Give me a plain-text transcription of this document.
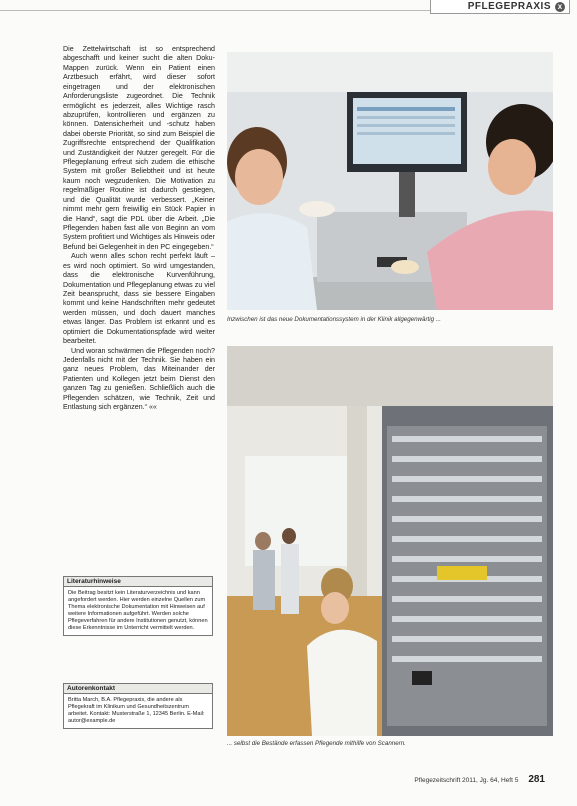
PFLEGEPRAXIS x

Die Zettelwirtschaft ist so entsprechend abgeschafft und keiner sucht die alten Doku-Mappen zurück. Wenn ein Patient einen Arztbesuch erfährt, wird dieser sofort eingetragen und der elektronischen Anforderungsliste zugeordnet. Die Technik ermöglicht es jederzeit, alles Wichtige rasch abzuprüfen, kontrollieren und ergänzen zu können. Datensicherheit und -schutz haben dabei oberste Priorität, so sind zum Beispiel die Zugriffsrechte entsprechend der Qualifikation und Zuständigkeit der Nutzer geregelt. Für die Pflegeplanung erfreut sich zudem die ethische System mit großer Beliebtheit und ist heute kaum noch wegzudenken. Die Motivation zu regelmäßiger Routine ist dadurch gestiegen, und die Qualität wurde verbessert. „Keiner nimmt mehr gern freiwillig ein Stück Papier in die Hand“, sagt die PDL über die Arbeit. „Die Pflegenden haben fast alle von Beginn an vom System profitiert und Wichtiges als Hinweis oder Befund bei Gelegenheit in den PC eingegeben.“

Auch wenn alles schon recht perfekt läuft – es wird noch optimiert. So wird umgestanden, dass die elektronische Kurvenführung, Dokumentation und Pflegeplanung etwas zu viel Zeit beansprucht, dass sie bessere Eingaben kommt und keine Handschriften mehr gedeutet werden müssen, und doch dauert manches etwas länger. Das Problem ist erkannt und es optimiert die Dokumentationspfade wird weiter bearbeitet.

Und woran schwärmen die Pflegenden noch? Jedenfalls nicht mit der Technik. Sie haben ein ganz neues Problem, das Miteinander der Patienten und Kollegen jetzt beim Dienst den ganzen Tag zu genießen. Schließlich auch die Pflegenden schätzen, wie Technik, Zeit und Entlastung sich ergänzen.“ ««

Inzwischen ist das neue Dokumentationssystem in der Klinik allgegenwärtig ...
... selbst die Bestände erfassen Pflegende mithilfe von Scannern.
Literaturhinweise
Die Beitrag besitzt kein Literaturverzeichnis und kann angefordert werden. Hier werden einzelne Quellen zum Thema elektronische Dokumentation mit Hinweisen auf weitere Informationen aufgeführt. Werden solche Pflegeverfahren für andere Institutionen genutzt, können diese Erkenntnisse im Unterricht vermittelt werden.
Autorenkontakt
Britta March, B.A. Pflegepraxis, die andere als Pflegekraft im Klinikum und Gesundheitszentrum arbeitet. Kontakt: Musterstraße 1, 12345 Berlin. E-Mail: autor@example.de
Pflegezeitschrift 2011, Jg. 64, Heft 5 281
